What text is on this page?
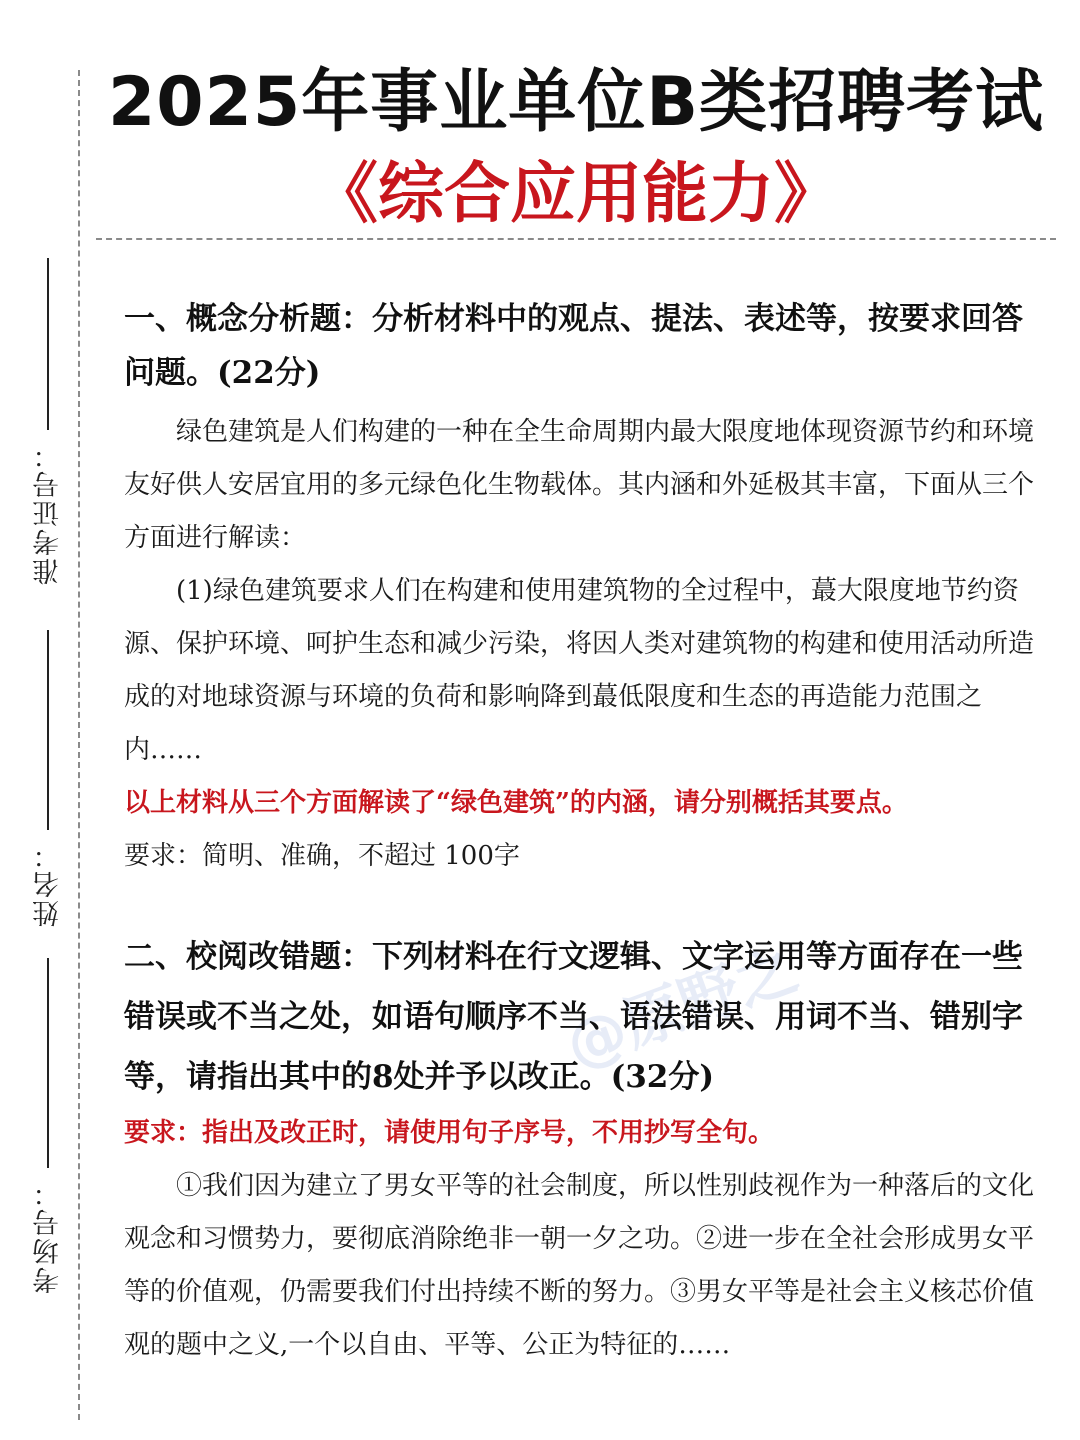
准考证号：
姓名：
考场号：
2025年事业单位B类招聘考试
《综合应用能力》
@原野之

一、概念分析题：分析材料中的观点、提法、表述等，按要求回答问题。(22分)

绿色建筑是人们构建的一种在全生命周期内最大限度地体现资源节约和环境友好供人安居宜用的多元绿色化生物载体。其内涵和外延极其丰富，下面从三个方面进行解读：

(1)绿色建筑要求人们在构建和使用建筑物的全过程中，蕞大限度地节约资源、保护环境、呵护生态和减少污染，将因人类对建筑物的构建和使用活动所造成的对地球资源与环境的负荷和影响降到蕞低限度和生态的再造能力范围之内……

以上材料从三个方面解读了“绿色建筑”的内涵，请分别概括其要点。

要求：简明、准确，不超过 100字

二、校阅改错题：下列材料在行文逻辑、文字运用等方面存在一些错误或不当之处，如语句顺序不当、语法错误、用词不当、错别字等，请指出其中的8处并予以改正。(32分)

要求：指出及改正时，请使用句子序号，不用抄写全句。

①我们因为建立了男女平等的社会制度，所以性别歧视作为一种落后的文化观念和习惯势力，要彻底消除绝非一朝一夕之功。②进一步在全社会形成男女平等的价值观，仍需要我们付出持续不断的努力。③男女平等是社会主义核芯价值观的题中之义,一个以自由、平等、公正为特征的……
